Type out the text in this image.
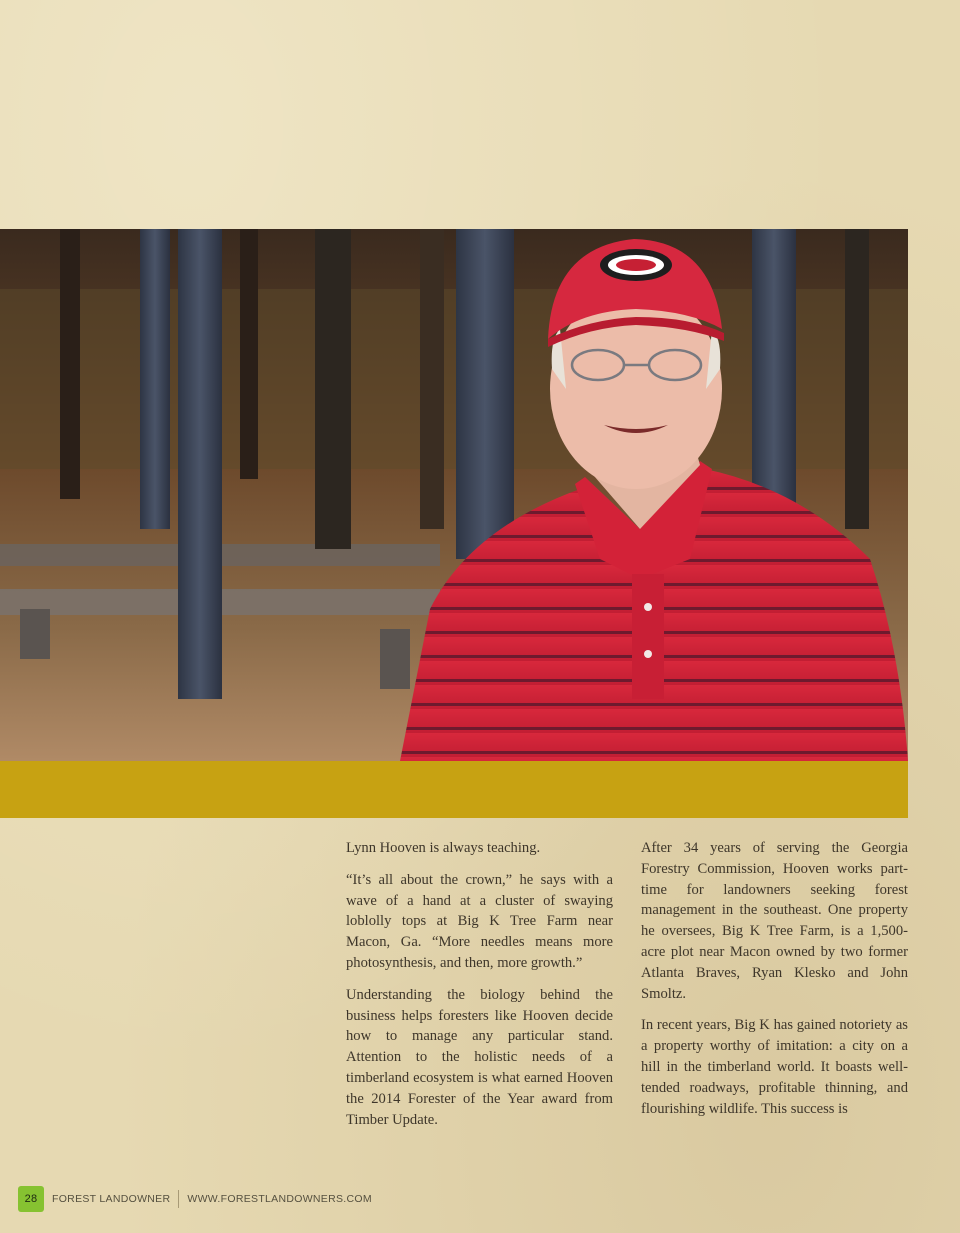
Lynn Hooven is always teaching.

“It’s all about the crown,” he says with a wave of a hand at a cluster of swaying loblolly tops at Big K Tree Farm near Macon, Ga. “More needles means more photosynthesis, and then, more growth.”

Understanding the biology behind the business helps foresters like Hooven decide how to manage any particular stand. Attention to the holistic needs of a timberland ecosystem is what earned Hooven the 2014 Forester of the Year award from Timber Update.

After 34 years of serving the Georgia Forestry Commission, Hooven works part-time for landowners seeking forest management in the southeast. One property he oversees, Big K Tree Farm, is a 1,500-acre plot near Macon owned by two former Atlanta Braves, Ryan Klesko and John Smoltz.

In recent years, Big K has gained notoriety as a property worthy of imitation: a city on a hill in the timberland world. It boasts well-tended roadways, profitable thinning, and flourishing wildlife. This success is

28	FOREST LANDOWNER WWW.FORESTLANDOWNERS.COM
